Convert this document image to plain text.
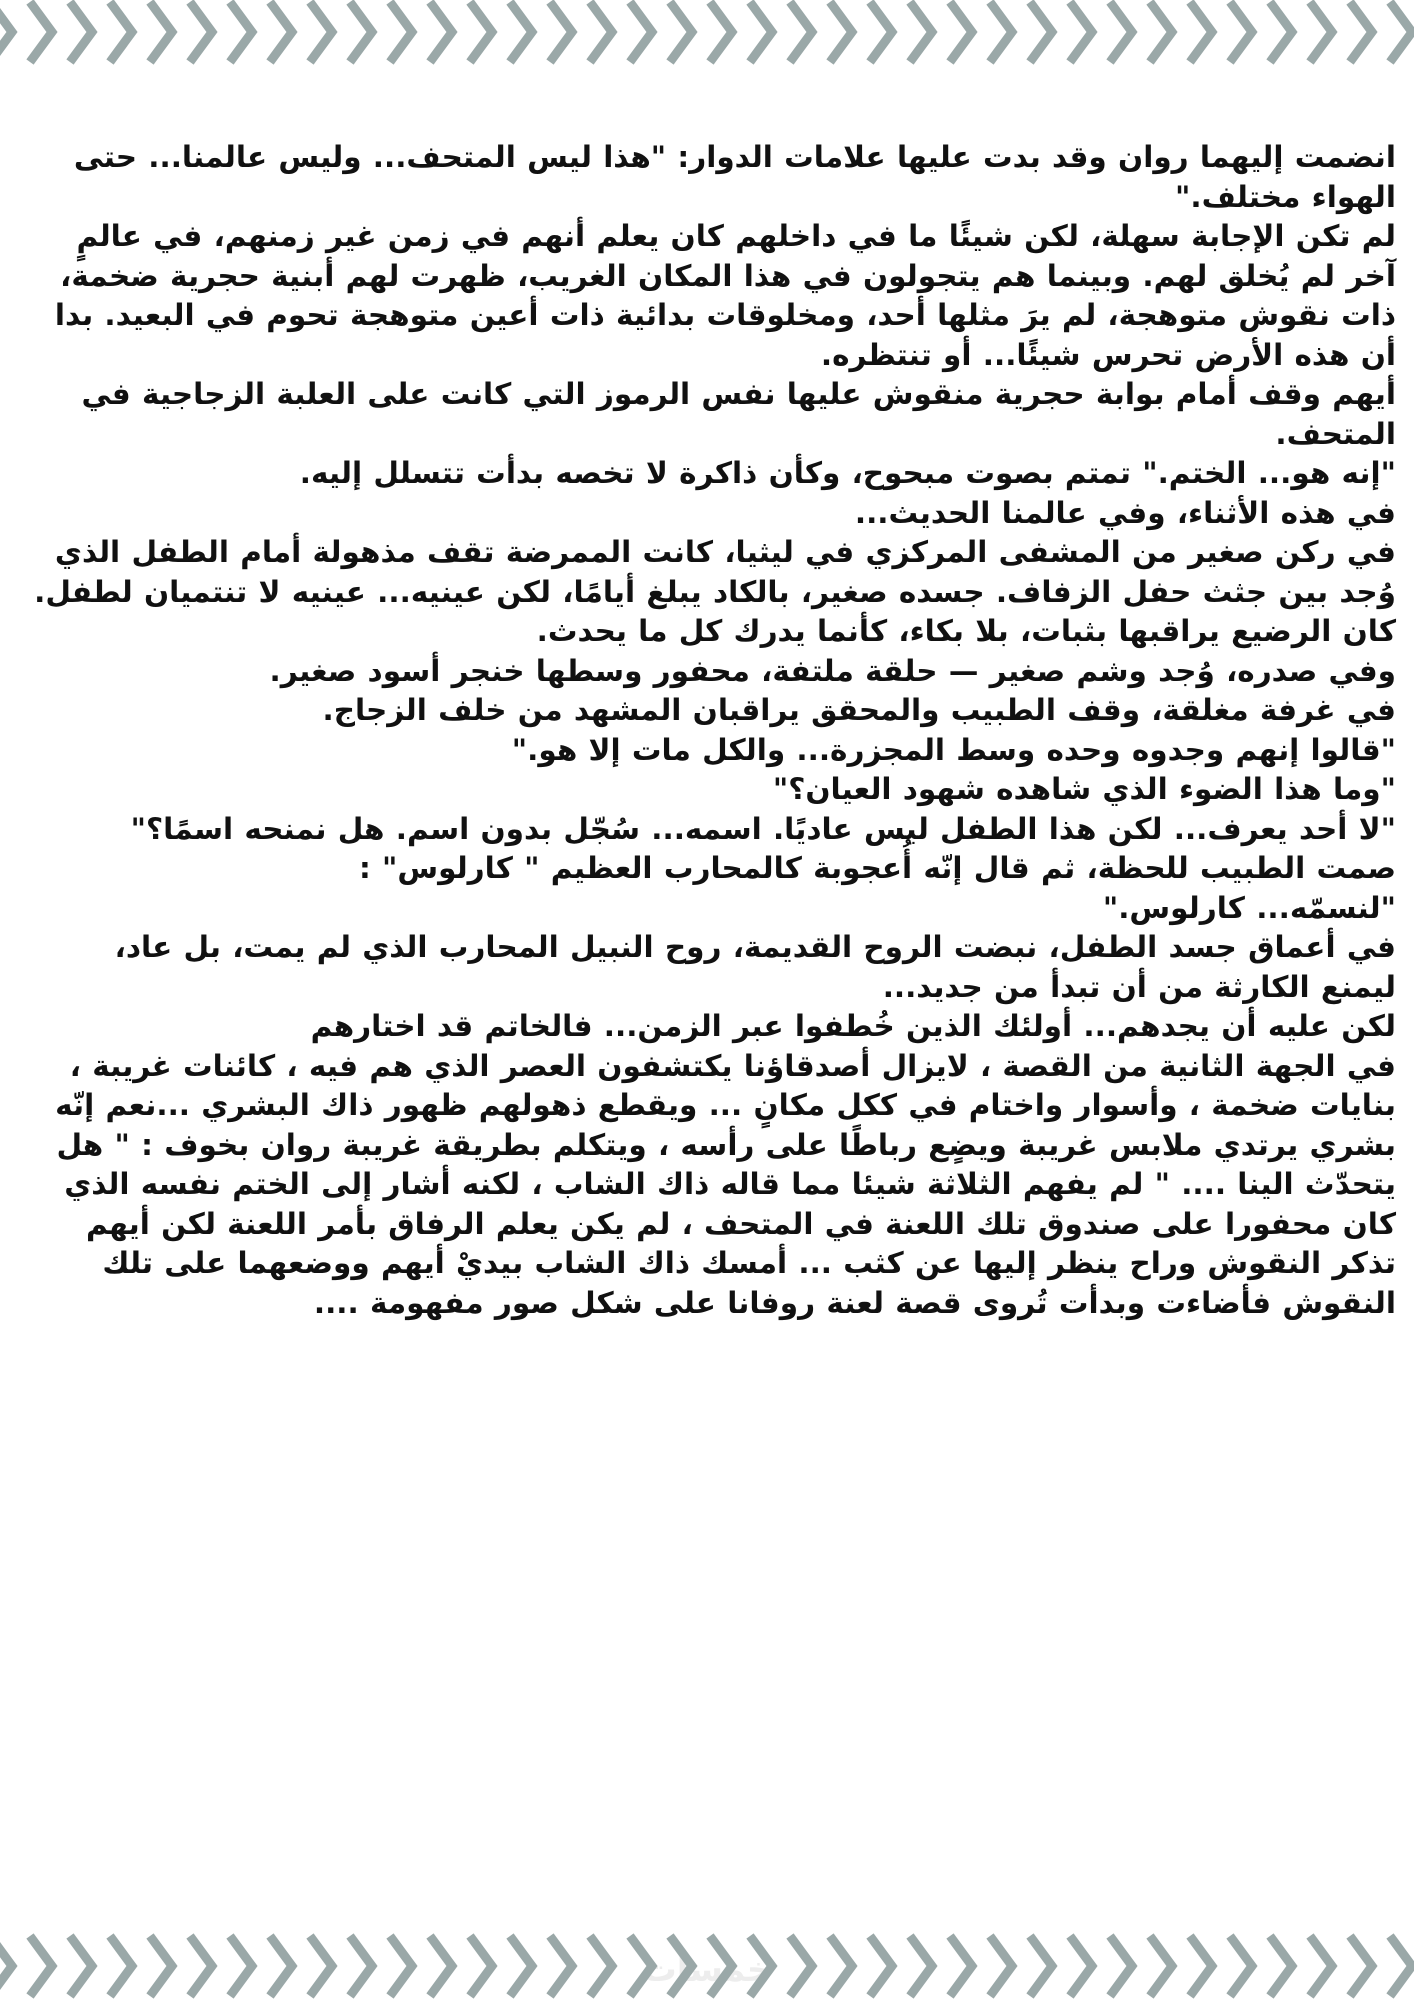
انضمت إليهما روان وقد بدت عليها علامات الدوار: "هذا ليس المتحف... وليس عالمنا... حتى الهواء مختلف."

لم تكن الإجابة سهلة، لكن شيئًا ما في داخلهم كان يعلم أنهم في زمن غير زمنهم، في عالمٍ آخر لم يُخلق لهم. وبينما هم يتجولون في هذا المكان الغريب، ظهرت لهم أبنية حجرية ضخمة، ذات نقوش متوهجة، لم يرَ مثلها أحد، ومخلوقات بدائية ذات أعين متوهجة تحوم في البعيد. بدا أن هذه الأرض تحرس شيئًا... أو تنتظره.

أيهم وقف أمام بوابة حجرية منقوش عليها نفس الرموز التي كانت على العلبة الزجاجية في المتحف.

"إنه هو... الختم." تمتم بصوت مبحوح، وكأن ذاكرة لا تخصه بدأت تتسلل إليه.

في هذه الأثناء، وفي عالمنا الحديث...

في ركن صغير من المشفى المركزي في ليثيا، كانت الممرضة تقف مذهولة أمام الطفل الذي وُجد بين جثث حفل الزفاف. جسده صغير، بالكاد يبلغ أيامًا، لكن عينيه... عينيه لا تنتميان لطفل.

كان الرضيع يراقبها بثبات، بلا بكاء، كأنما يدرك كل ما يحدث.

وفي صدره، وُجد وشم صغير — حلقة ملتفة، محفور وسطها خنجر أسود صغير.

في غرفة مغلقة، وقف الطبيب والمحقق يراقبان المشهد من خلف الزجاج.

"قالوا إنهم وجدوه وحده وسط المجزرة... والكل مات إلا هو."

"وما هذا الضوء الذي شاهده شهود العيان؟"

"لا أحد يعرف... لكن هذا الطفل ليس عاديًا. اسمه... سُجّل بدون اسم. هل نمنحه اسمًا؟"

صمت الطبيب للحظة، ثم قال إنّه أُعجوبة كالمحارب العظيم " كارلوس" :

"لنسمّه... كارلوس."

في أعماق جسد الطفل، نبضت الروح القديمة، روح النبيل المحارب الذي لم يمت، بل عاد، ليمنع الكارثة من أن تبدأ من جديد...

لكن عليه أن يجدهم... أولئك الذين خُطفوا عبر الزمن... فالخاتم قد اختارهم

في الجهة الثانية من القصة ، لايزال أصدقاؤنا يكتشفون العصر الذي هم فيه ، كائنات غريبة ، بنايات ضخمة ، وأسوار واختام في ككل مكانٍ ... ويقطع ذهولهم ظهور ذاك البشري ...نعم إنّه بشري يرتدي ملابس غريبة ويضٍع رباطًا على رأسه ، ويتكلم بطريقة غريبة روان بخوف : " هل يتحدّث الينا .... " لم يفهم الثلاثة شيئا مما قاله ذاك الشاب ، لكنه أشار إلى الختم نفسه الذي كان محفورا على صندوق تلك اللعنة في المتحف ، لم يكن يعلم الرفاق بأمر اللعنة لكن أيهم تذكر النقوش وراح ينظر إليها عن كثب ... أمسك ذاك الشاب بيديْ أيهم ووضعهما على تلك النقوش فأضاءت وبدأت تُروى قصة لعنة روفانا على شكل صور مفهومة ....

خمسات
